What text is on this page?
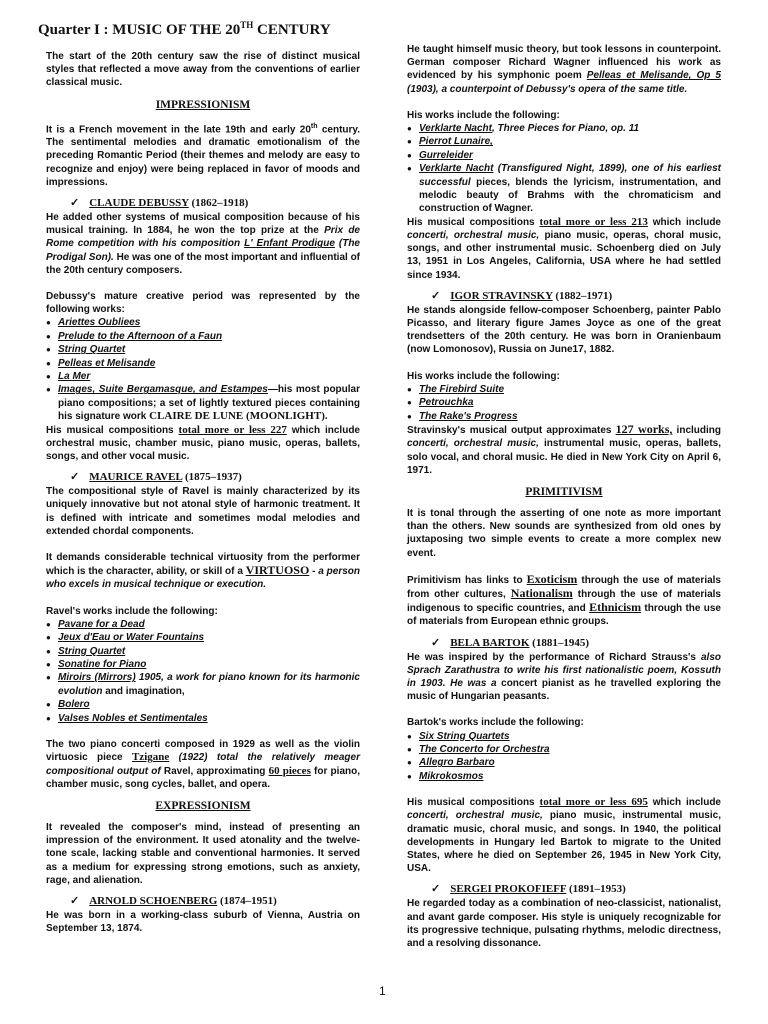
Quarter I : MUSIC OF THE 20TH CENTURY

The start of the 20th century saw the rise of distinct musical styles that reflected a move away from the conventions of earlier classical music.

IMPRESSIONISM

It is a French movement in the late 19th and early 20th century. The sentimental melodies and dramatic emotionalism of the preceding Romantic Period (their themes and melody are easy to recognize and enjoy) were being replaced in favor of moods and impressions.

✓ CLAUDE DEBUSSY (1862–1918)

He added other systems of musical composition because of his musical training. In 1884, he won the top prize at the Prix de Rome competition with his composition L' Enfant Prodigue (The Prodigal Son). He was one of the most important and influential of the 20th century composers.

Debussy's mature creative period was represented by the following works:

● Ariettes Oubliees
● Prelude to the Afternoon of a Faun
● String Quartet
● Pelleas et Melisande
● La Mer
● Images, Suite Bergamasque, and Estampes—his most popular piano compositions; a set of lightly textured pieces containing his signature work CLAIRE DE LUNE (MOONLIGHT).

His musical compositions total more or less 227 which include orchestral music, chamber music, piano music, operas, ballets, songs, and other vocal music.

✓ MAURICE RAVEL (1875–1937)

The compositional style of Ravel is mainly characterized by its uniquely innovative but not atonal style of harmonic treatment. It is defined with intricate and sometimes modal melodies and extended chordal components.

It demands considerable technical virtuosity from the performer which is the character, ability, or skill of a VIRTUOSO - a person who excels in musical technique or execution.

Ravel's works include the following:

● Pavane for a Dead
● Jeux d'Eau or Water Fountains
● String Quartet
● Sonatine for Piano
● Miroirs (Mirrors) 1905, a work for piano known for its harmonic evolution and imagination,
● Bolero
● Valses Nobles et Sentimentales

The two piano concerti composed in 1929 as well as the violin virtuosic piece Tzigane (1922) total the relatively meager compositional output of Ravel, approximating 60 pieces for piano, chamber music, song cycles, ballet, and opera.

EXPRESSIONISM

It revealed the composer's mind, instead of presenting an impression of the environment. It used atonality and the twelve-tone scale, lacking stable and conventional harmonies. It served as a medium for expressing strong emotions, such as anxiety, rage, and alienation.

✓ ARNOLD SCHOENBERG (1874–1951)

He was born in a working-class suburb of Vienna, Austria on September 13, 1874.

He taught himself music theory, but took lessons in counterpoint. German composer Richard Wagner influenced his work as evidenced by his symphonic poem Pelleas et Melisande, Op 5 (1903), a counterpoint of Debussy's opera of the same title.

His works include the following:

● Verklarte Nacht, Three Pieces for Piano, op. 11
● Pierrot Lunaire,
● Gurreleider
● Verklarte Nacht (Transfigured Night, 1899), one of his earliest successful pieces, blends the lyricism, instrumentation, and melodic beauty of Brahms with the chromaticism and construction of Wagner.

His musical compositions total more or less 213 which include concerti, orchestral music, piano music, operas, choral music, songs, and other instrumental music. Schoenberg died on July 13, 1951 in Los Angeles, California, USA where he had settled since 1934.

✓ IGOR STRAVINSKY (1882–1971)

He stands alongside fellow-composer Schoenberg, painter Pablo Picasso, and literary figure James Joyce as one of the great trendsetters of the 20th century. He was born in Oranienbaum (now Lomonosov), Russia on June17, 1882.

His works include the following:

● The Firebird Suite
● Petrouchka
● The Rake's Progress

Stravinsky's musical output approximates 127 works, including concerti, orchestral music, instrumental music, operas, ballets, solo vocal, and choral music. He died in New York City on April 6, 1971.

PRIMITIVISM

It is tonal through the asserting of one note as more important than the others. New sounds are synthesized from old ones by juxtaposing two simple events to create a more complex new event.

Primitivism has links to Exoticism through the use of materials from other cultures, Nationalism through the use of materials indigenous to specific countries, and Ethnicism through the use of materials from European ethnic groups.

✓ BELA BARTOK (1881–1945)

He was inspired by the performance of Richard Strauss's also Sprach Zarathustra to write his first nationalistic poem, Kossuth in 1903. He was a concert pianist as he travelled exploring the music of Hungarian peasants.

Bartok's works include the following:

● Six String Quartets
● The Concerto for Orchestra
● Allegro Barbaro
● Mikrokosmos

His musical compositions total more or less 695 which include concerti, orchestral music, piano music, instrumental music, dramatic music, choral music, and songs. In 1940, the political developments in Hungary led Bartok to migrate to the United States, where he died on September 26, 1945 in New York City, USA.

✓ SERGEI PROKOFIEFF (1891–1953)

He regarded today as a combination of neo-classicist, nationalist, and avant garde composer. His style is uniquely recognizable for its progressive technique, pulsating rhythms, melodic directness, and a resolving dissonance.

1
